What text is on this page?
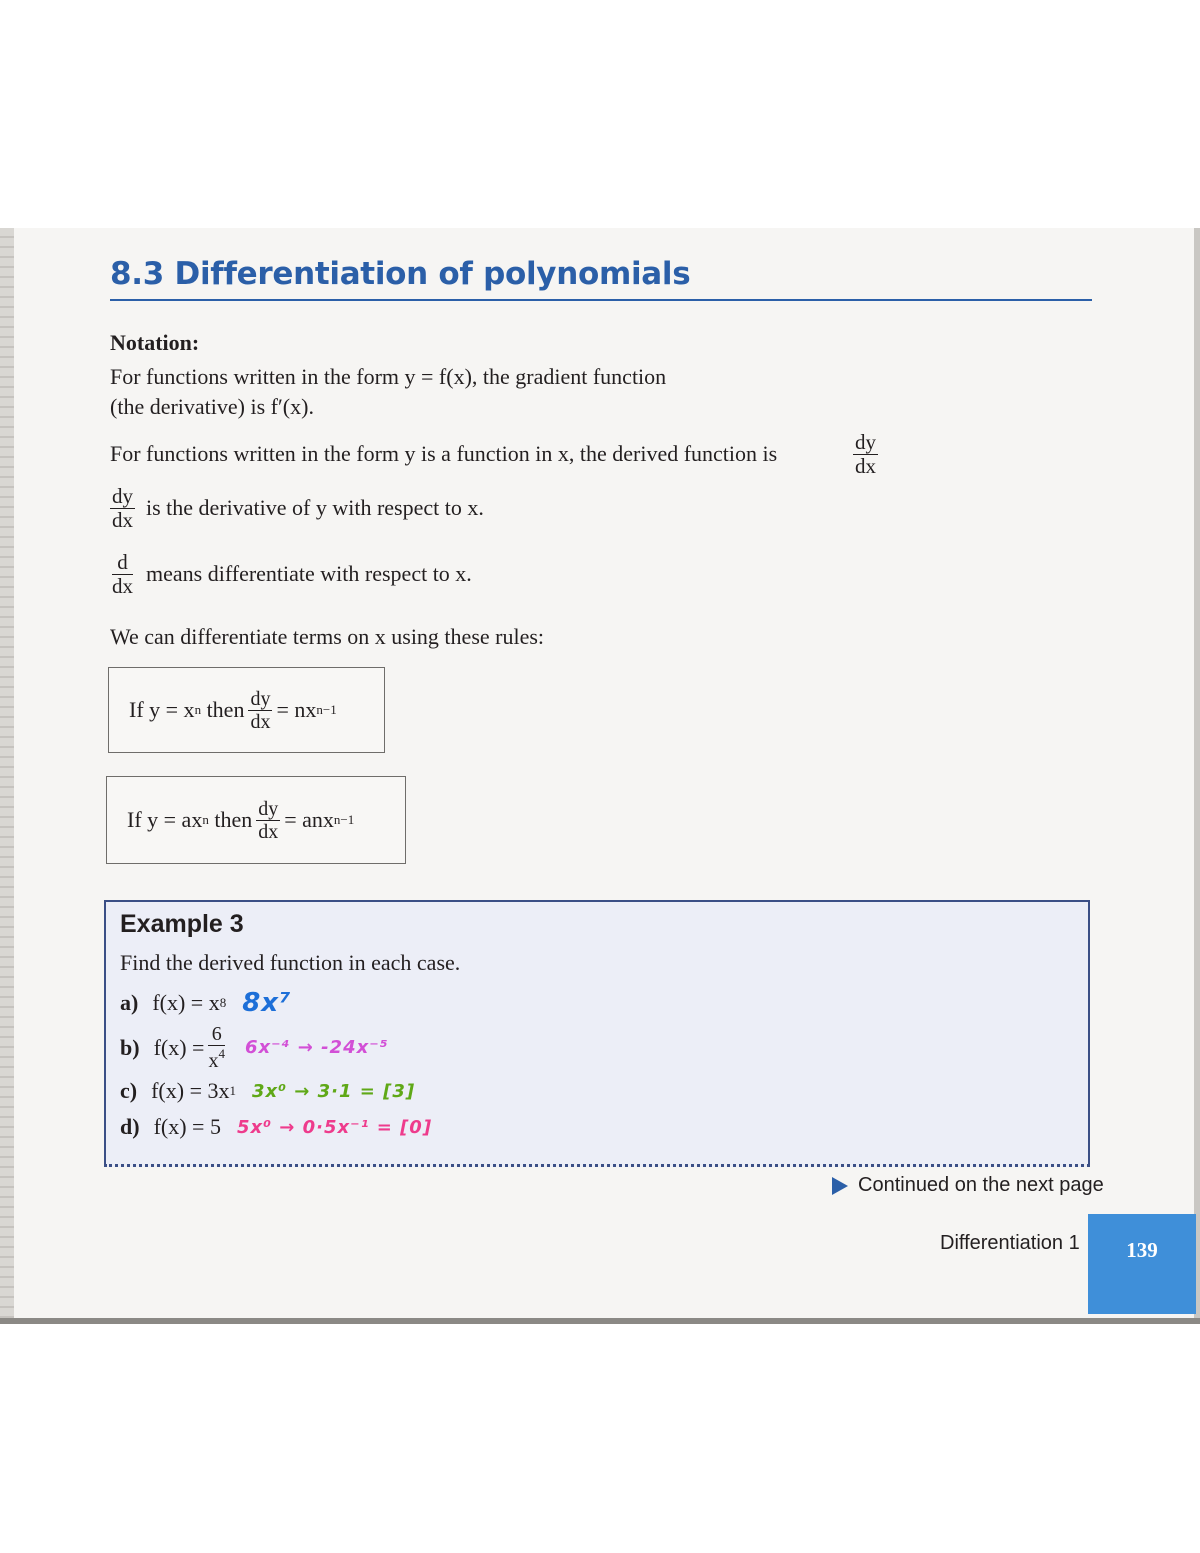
8.3 Differentiation of polynomials
Notation:
For functions written in the form y = f(x), the gradient function
(the derivative) is f′(x).
For functions written in the form y is a function in x, the derived function is	$\frac{dy}{dx}$
$\frac{dy}{dx}$ is the derivative of y with respect to x.
$\frac{d}{dx}$ means differentiate with respect to x.
We can differentiate terms on x using these rules:
If y = x n
then $\frac{dy}{dx}$ = nx n−1
If y = ax n
then $\frac{dy}{dx}$ = anx n−1
Example 3
Find the derived function in each case.
a) f(x) = x 8 8x⁷
b) $f(x) = \frac{6}{x^4} 6x^{-4} \to -24x^{-5}$
c) f(x) = 3x 1 3x⁰ → 3·1 = [3]
d) f(x) = 5 5x⁰ → 0·5x⁻¹ = [0]
Continued on the next page
Differentiation 1	139
